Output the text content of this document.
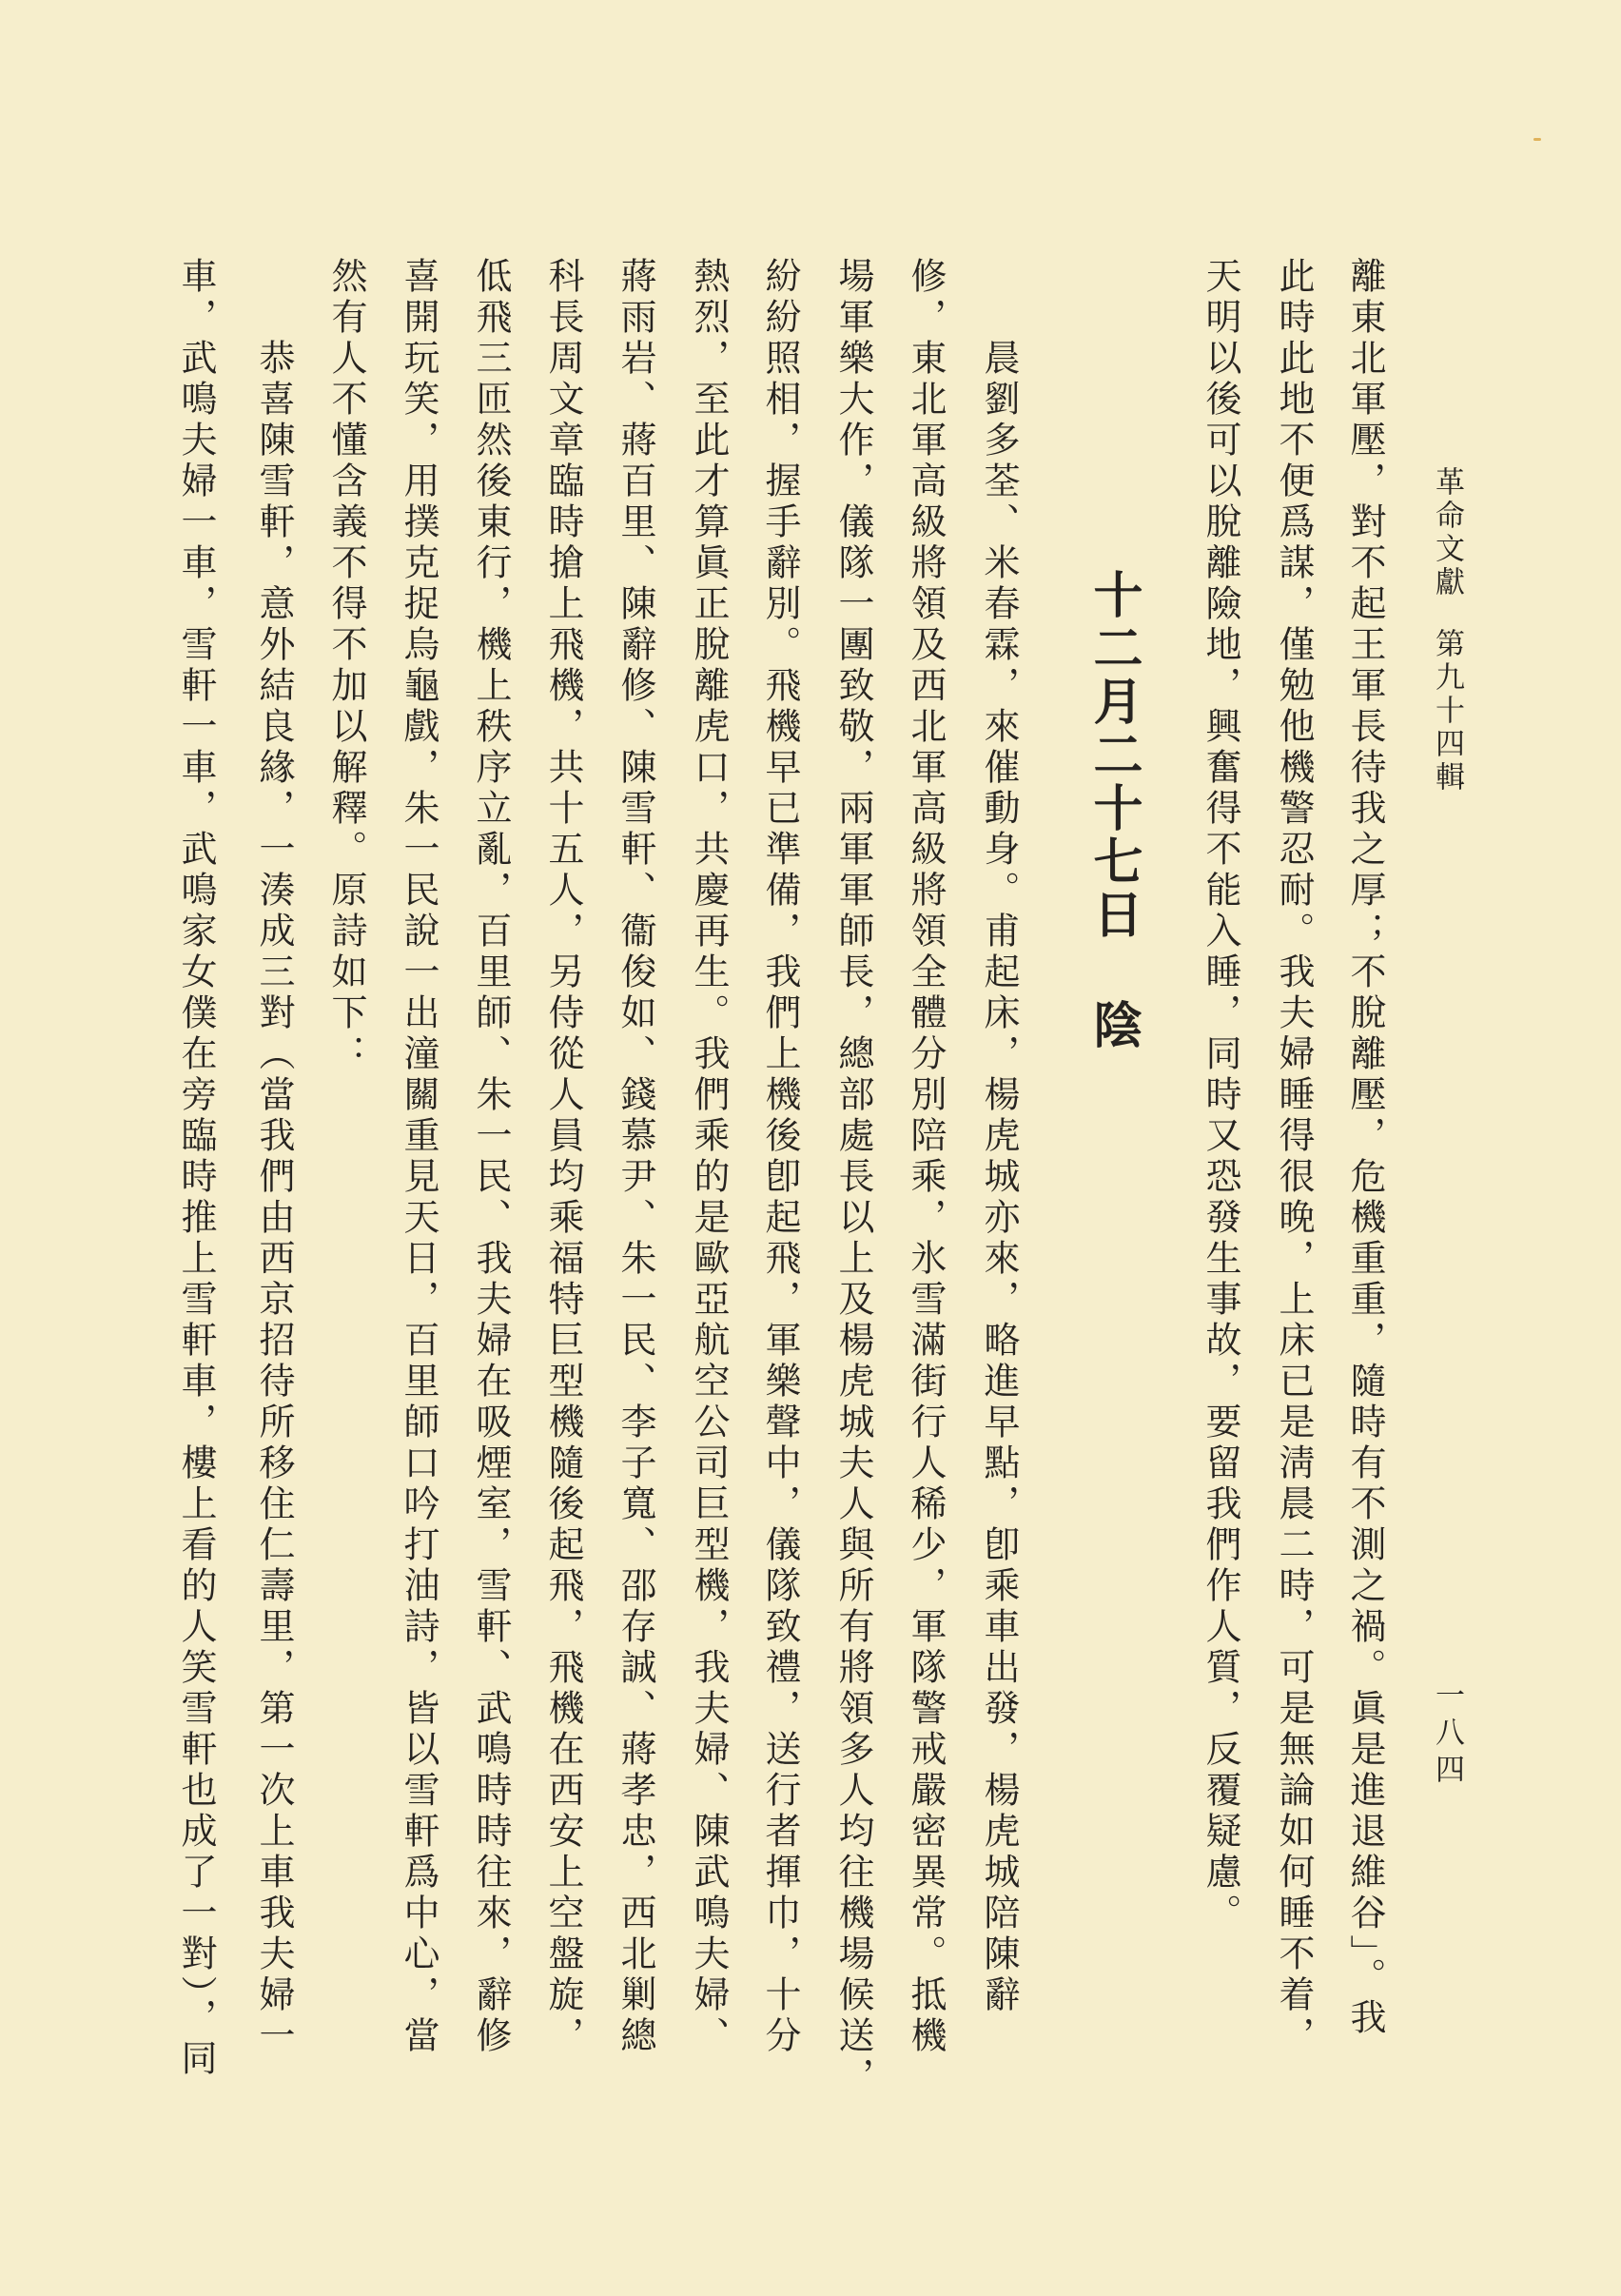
革命文獻第九十四輯
一八四
離東北軍壓，對不起王軍長待我之厚；不脫離壓，危機重重，隨時有不測之禍。眞是進退維谷」。我
此時此地不便爲謀，僅勉他機警忍耐。我夫婦睡得很晚，上床已是淸晨二時，可是無論如何睡不着，
天明以後可以脫離險地，興奮得不能入睡，同時又恐發生事故，要留我們作人質，反覆疑慮。
十二月二十七日陰
晨劉多荃、米春霖，來催動身。甫起床，楊虎城亦來，略進早點，卽乘車出發，楊虎城陪陳辭
修，東北軍高級將領及西北軍高級將領全體分別陪乘，氷雪滿街行人稀少，軍隊警戒嚴密異常。抵機
場軍樂大作，儀隊一團致敬，兩軍軍師長，總部處長以上及楊虎城夫人與所有將領多人均往機場候送，
紛紛照相，握手辭別。飛機早已準備，我們上機後卽起飛，軍樂聲中，儀隊致禮，送行者揮巾，十分
熱烈，至此才算眞正脫離虎口，共慶再生。我們乘的是歐亞航空公司巨型機，我夫婦、陳武鳴夫婦、
蔣雨岩、蔣百里、陳辭修、陳雪軒、衞俊如、錢慕尹、朱一民、李子寬、邵存誠、蔣孝忠，西北剿總
科長周文章臨時搶上飛機，共十五人，另侍從人員均乘福特巨型機隨後起飛，飛機在西安上空盤旋，
低飛三匝然後東行，機上秩序立亂，百里師、朱一民、我夫婦在吸煙室，雪軒、武鳴時時往來，辭修
喜開玩笑，用撲克捉烏龜戲，朱一民說一出潼關重見天日，百里師口吟打油詩，皆以雪軒爲中心，當
然有人不懂含義不得不加以解釋。原詩如下：
恭喜陳雪軒，意外結良緣，一湊成三對（當我們由西京招待所移住仁壽里，第一次上車我夫婦一
車，武鳴夫婦一車，雪軒一車，武鳴家女僕在旁臨時推上雪軒車，樓上看的人笑雪軒也成了一對），同
